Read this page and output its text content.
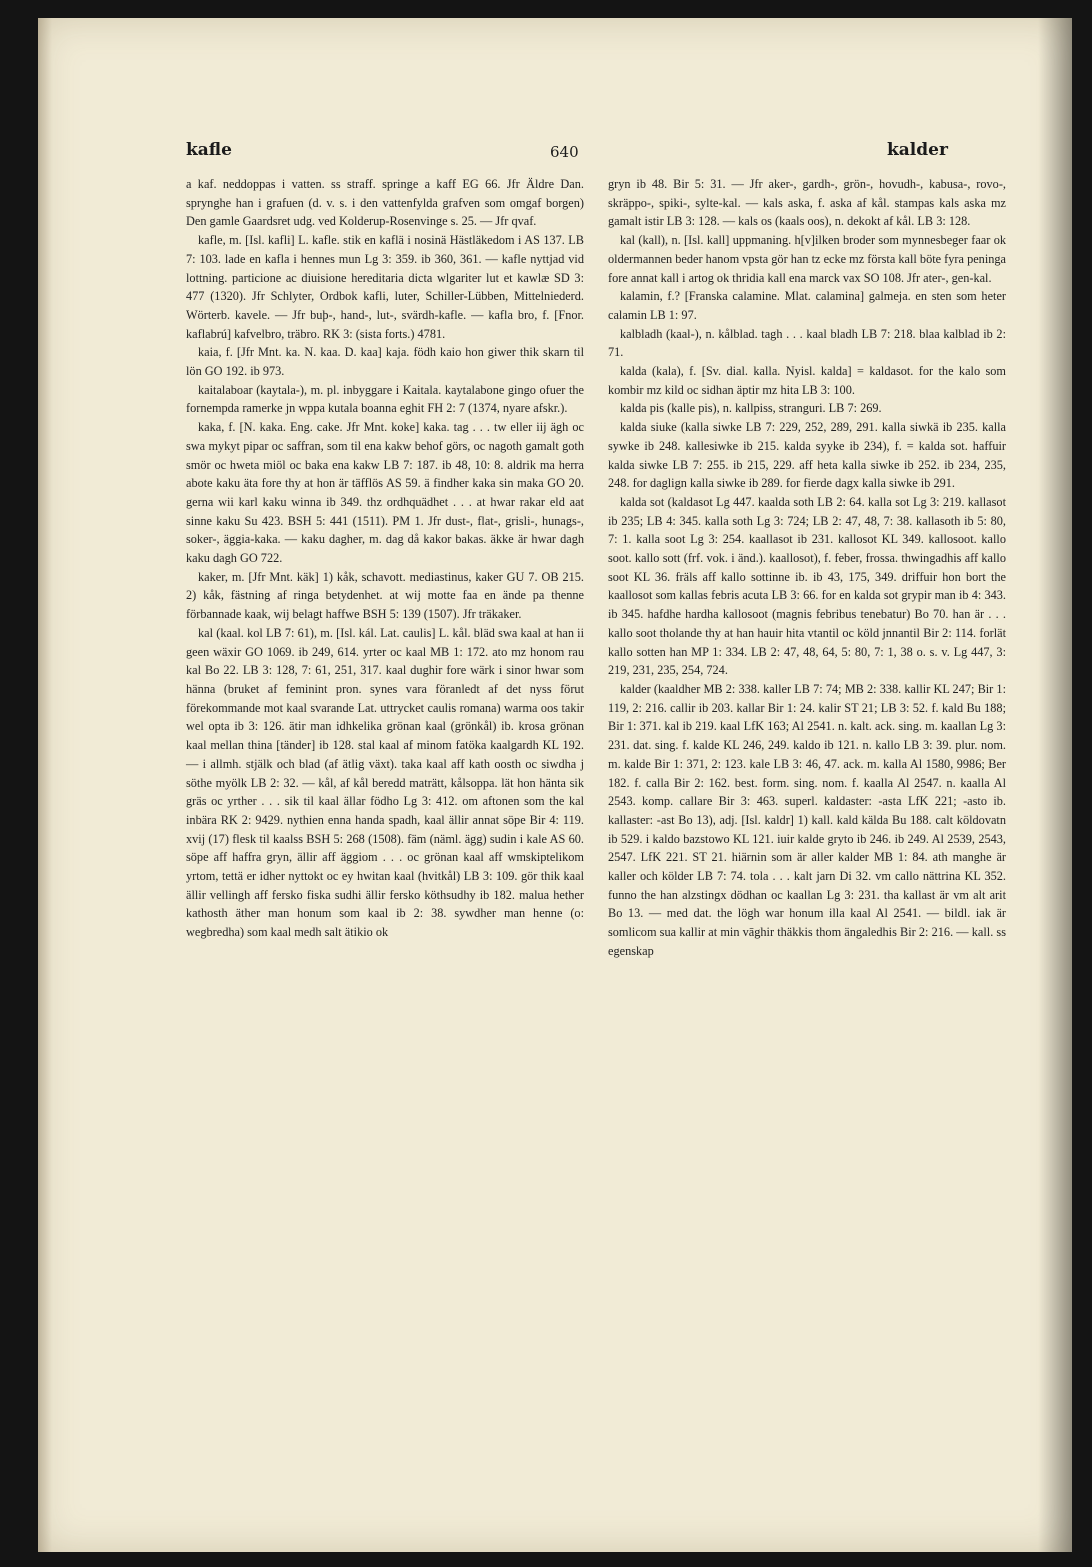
kafle	640	kalder

a kaf. neddoppas i vatten. ss straff. springe a kaff EG 66. Jfr Äldre Dan. sprynghe han i grafuen (d. v. s. i den vattenfylda grafven som omgaf borgen) Den gamle Gaardsret udg. ved Kolderup-Rosenvinge s. 25. — Jfr qvaf.

kafle, m. [Isl. kafli] L. kafle. stik en kaflä i nosinä Hästläkedom i AS 137. LB 7: 103. lade en kafla i hennes mun Lg 3: 359. ib 360, 361. — kafle nyttjad vid lottning. particione ac diuisione hereditaria dicta wlgariter lut et kawlæ SD 3: 477 (1320). Jfr Schlyter, Ordbok kafli, luter, Schiller-Lübben, Mittelniederd. Wörterb. kavele. — Jfr buþ-, hand-, lut-, svärdh-kafle. — kafla bro, f. [Fnor. kaflabrú] kafvelbro, träbro. RK 3: (sista forts.) 4781.

kaia, f. [Jfr Mnt. ka. N. kaa. D. kaa] kaja. födh kaio hon giwer thik skarn til lön GO 192. ib 973.

kaitalaboar (kaytala-), m. pl. inbyggare i Kaitala. kaytalabone gingo ofuer the fornempda ramerke jn wppa kutala boanna eghit FH 2: 7 (1374, nyare afskr.).

kaka, f. [N. kaka. Eng. cake. Jfr Mnt. koke] kaka. tag . . . tw eller iij ägh oc swa mykyt pipar oc saffran, som til ena kakw behof görs, oc nagoth gamalt goth smör oc hweta miöl oc baka ena kakw LB 7: 187. ib 48, 10: 8. aldrik ma herra abote kaku äta fore thy at hon är täfflös AS 59. ä findher kaka sin maka GO 20. gerna wii karl kaku winna ib 349. thz ordhquädhet . . . at hwar rakar eld aat sinne kaku Su 423. BSH 5: 441 (1511). PM 1. Jfr dust-, flat-, grisli-, hunags-, soker-, äggia-kaka. — kaku dagher, m. dag då kakor bakas. äkke är hwar dagh kaku dagh GO 722.

kaker, m. [Jfr Mnt. käk] 1) kåk, schavott. mediastinus, kaker GU 7. OB 215. 2) kåk, fästning af ringa betydenhet. at wij motte faa en ände pa thenne förbannade kaak, wij belagt haffwe BSH 5: 139 (1507). Jfr träkaker.

kal (kaal. kol LB 7: 61), m. [Isl. kál. Lat. caulis] L. kål. bläd swa kaal at han ii geen wäxir GO 1069. ib 249, 614. yrter oc kaal MB 1: 172. ato mz honom rau kal Bo 22. LB 3: 128, 7: 61, 251, 317. kaal dughir fore wärk i sinor hwar som hänna (bruket af feminint pron. synes vara föranledt af det nyss förut förekommande mot kaal svarande Lat. uttrycket caulis romana) warma oos takir wel opta ib 3: 126. ätir man idhkelika grönan kaal (grönkål) ib. krosa grönan kaal mellan thina [tänder] ib 128. stal kaal af minom fatöka kaalgardh KL 192. — i allmh. stjälk och blad (af ätlig växt). taka kaal aff kath oosth oc siwdha j söthe myölk LB 2: 32. — kål, af kål beredd maträtt, kålsoppa. lät hon hänta sik gräs oc yrther . . . sik til kaal ällar födho Lg 3: 412. om aftonen som the kal inbära RK 2: 9429. nythien enna handa spadh, kaal ällir annat söpe Bir 4: 119. xvij (17) flesk til kaalss BSH 5: 268 (1508). fäm (näml. ägg) sudin i kale AS 60. söpe aff haffra gryn, ällir aff äggiom . . . oc grönan kaal aff wmskiptelikom yrtom, tettä er idher nyttokt oc ey hwitan kaal (hvitkål) LB 3: 109. gör thik kaal ällir vellingh aff fersko fiska sudhi ällir fersko köthsudhy ib 182. malua hether kathosth äther man honum som kaal ib 2: 38. sywdher man henne (o: wegbredha) som kaal medh salt ätikio ok

gryn ib 48. Bir 5: 31. — Jfr aker-, gardh-, grön-, hovudh-, kabusa-, rovo-, skräppo-, spiki-, sylte-kal. — kals aska, f. aska af kål. stampas kals aska mz gamalt istir LB 3: 128. — kals os (kaals oos), n. dekokt af kål. LB 3: 128.

kal (kall), n. [Isl. kall] uppmaning. h[v]ilken broder som mynnesbeger faar ok oldermannen beder hanom vpsta gör han tz ecke mz första kall böte fyra peninga fore annat kall i artog ok thridia kall ena marck vax SO 108. Jfr ater-, gen-kal.

kalamin, f.? [Franska calamine. Mlat. calamina] galmeja. en sten som heter calamin LB 1: 97.

kalbladh (kaal-), n. kålblad. tagh . . . kaal bladh LB 7: 218. blaa kalblad ib 2: 71.

kalda (kala), f. [Sv. dial. kalla. Nyisl. kalda] = kaldasot. for the kalo som kombir mz kild oc sidhan äptir mz hita LB 3: 100.

kalda pis (kalle pis), n. kallpiss, stranguri. LB 7: 269.

kalda siuke (kalla siwke LB 7: 229, 252, 289, 291. kalla siwkä ib 235. kalla sywke ib 248. kallesiwke ib 215. kalda syyke ib 234), f. = kalda sot. haffuir kalda siwke LB 7: 255. ib 215, 229. aff heta kalla siwke ib 252. ib 234, 235, 248. for daglign kalla siwke ib 289. for fierde dagx kalla siwke ib 291.

kalda sot (kaldasot Lg 447. kaalda soth LB 2: 64. kalla sot Lg 3: 219. kallasot ib 235; LB 4: 345. kalla soth Lg 3: 724; LB 2: 47, 48, 7: 38. kallasoth ib 5: 80, 7: 1. kalla soot Lg 3: 254. kaallasot ib 231. kallosot KL 349. kallosoot. kallo soot. kallo sott (frf. vok. i änd.). kaallosot), f. feber, frossa. thwingadhis aff kallo soot KL 36. fräls aff kallo sottinne ib. ib 43, 175, 349. driffuir hon bort the kaallosot som kallas febris acuta LB 3: 66. for en kalda sot grypir man ib 4: 343. ib 345. hafdhe hardha kallosoot (magnis febribus tenebatur) Bo 70. han är . . . kallo soot tholande thy at han hauir hita vtantil oc köld jnnantil Bir 2: 114. forlät kallo sotten han MP 1: 334. LB 2: 47, 48, 64, 5: 80, 7: 1, 38 o. s. v. Lg 447, 3: 219, 231, 235, 254, 724.

kalder (kaaldher MB 2: 338. kaller LB 7: 74; MB 2: 338. kallir KL 247; Bir 1: 119, 2: 216. callir ib 203. kallar Bir 1: 24. kalir ST 21; LB 3: 52. f. kald Bu 188; Bir 1: 371. kal ib 219. kaal LfK 163; Al 2541. n. kalt. ack. sing. m. kaallan Lg 3: 231. dat. sing. f. kalde KL 246, 249. kaldo ib 121. n. kallo LB 3: 39. plur. nom. m. kalde Bir 1: 371, 2: 123. kale LB 3: 46, 47. ack. m. kalla Al 1580, 9986; Ber 182. f. calla Bir 2: 162. best. form. sing. nom. f. kaalla Al 2547. n. kaalla Al 2543. komp. callare Bir 3: 463. superl. kaldaster: -asta LfK 221; -asto ib. kallaster: -ast Bo 13), adj. [Isl. kaldr] 1) kall. kald kälda Bu 188. calt köldovatn ib 529. i kaldo bazstowo KL 121. iuir kalde gryto ib 246. ib 249. Al 2539, 2543, 2547. LfK 221. ST 21. hiärnin som är aller kalder MB 1: 84. ath manghe är kaller och kölder LB 7: 74. tola . . . kalt jarn Di 32. vm callo nättrina KL 352. funno the han alzstingx dödhan oc kaallan Lg 3: 231. tha kallast är vm alt arit Bo 13. — med dat. the lögh war honum illa kaal Al 2541. — bildl. iak är somlicom sua kallir at min vāghir thäkkis thom ängaledhis Bir 2: 216. — kall. ss egenskap
